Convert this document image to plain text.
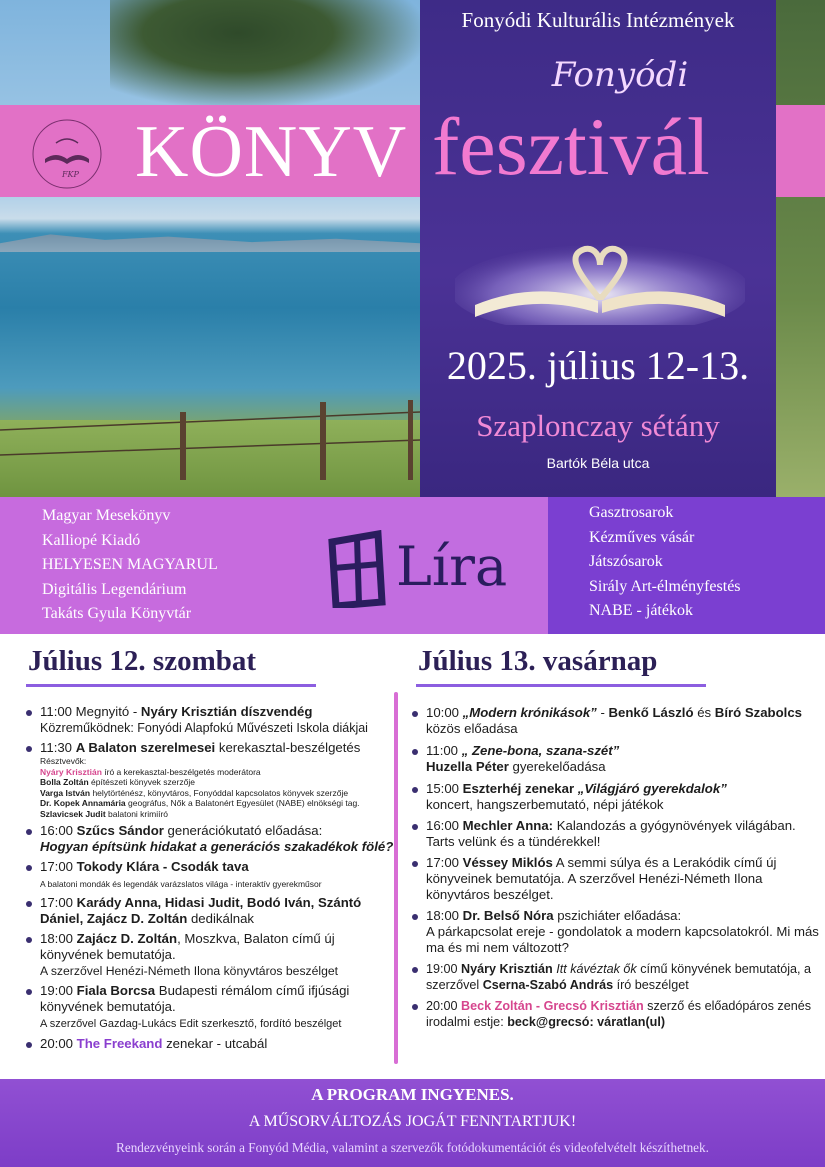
FKP
Fonyódi Kulturális Intézmények
Fonyódi
KÖNYV fesztivál
2025. július 12-13.
Szaplonczay sétány
Bartók Béla utca
Magyar Mesekönyv
Kalliopé Kiadó
HELYESEN MAGYARUL
Digitális Legendárium
Takáts Gyula Könyvtár
Gasztrosarok
Kézműves vásár
Játszósarok
Sirály Art-élményfestés
NABE - játékok
Líra
Július 12. szombat	Július 13. vasárnap
11:00 Megnyitó - Nyáry Krisztián díszvendég
Közreműködnek: Fonyódi Alapfokú Művészeti Iskola diákjai
11:30 A Balaton szerelmesei kerekasztal-beszélgetés
Résztvevők:
Nyáry Krisztián író a kerekasztal-beszélgetés moderátora
Bolla Zoltán építészeti könyvek szerzője
Varga István helytörténész, könyvtáros, Fonyóddal kapcsolatos könyvek szerzője
Dr. Kopek Annamária geográfus, Nők a Balatonért Egyesület (NABE) elnökségi tag.
Szlavicsek Judit balatoni krimiíró
16:00 Szűcs Sándor generációkutató előadása:
Hogyan építsünk hidakat a generációs szakadékok fölé?
17:00 Tokody Klára - Csodák tava
A balatoni mondák és legendák varázslatos világa - interaktív gyerekműsor
17:00 Karády Anna, Hidasi Judit, Bodó Iván, Szántó Dániel, Zajácz D. Zoltán dedikálnak
18:00 Zajácz D. Zoltán, Moszkva, Balaton című új könyvének bemutatója.
A szerzővel Henézi-Németh Ilona könyvtáros beszélget
19:00 Fiala Borcsa Budapesti rémálom című ifjúsági könyvének bemutatója.
A szerzővel Gazdag-Lukács Edit szerkesztő, fordító beszélget
20:00 The Freekand zenekar - utcabál
10:00 „Modern krónikások” - Benkő László és Bíró Szabolcs közös előadása
11:00 „ Zene-bona, szana-szét”
Huzella Péter gyerekelőadása
15:00 Eszterhéj zenekar „Világjáró gyerekdalok”
koncert, hangszerbemutató, népi játékok
16:00 Mechler Anna: Kalandozás a gyógynövények világában. Tarts velünk és a tündérekkel!
17:00 Véssey Miklós A semmi súlya és a Lerakódik című új könyveinek bemutatója. A szerzővel Henézi-Németh Ilona könyvtáros beszélget.
18:00 Dr. Belső Nóra pszichiáter előadása:
A párkapcsolat ereje - gondolatok a modern kapcsolatokról. Mi más ma és mi nem változott?
19:00 Nyáry Krisztián Itt kávéztak ők című könyvének bemutatója, a szerzővel Cserna-Szabó András író beszélget
20:00 Beck Zoltán - Grecsó Krisztián szerző és előadópáros zenés irodalmi estje: beck@grecsó: váratlan(ul)
A PROGRAM INGYENES.
A MŰSORVÁLTOZÁS JOGÁT FENNTARTJUK!
Rendezvényeink során a Fonyód Média, valamint a szervezők fotódokumentációt és videofelvételt készíthetnek.
